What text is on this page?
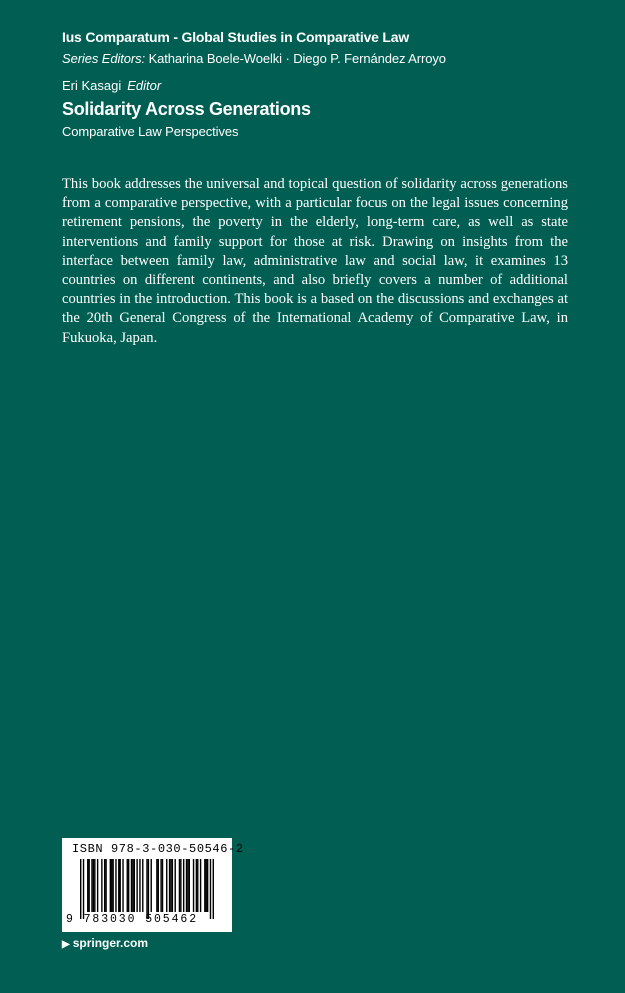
Ius Comparatum - Global Studies in Comparative Law
Series Editors: Katharina Boele-Woelki · Diego P. Fernández Arroyo
Eri Kasagi Editor
Solidarity Across Generations
Comparative Law Perspectives

This book addresses the universal and topical question of solidarity across generations from a comparative perspective, with a particular focus on the legal issues concerning retirement pensions, the poverty in the elderly, long-term care, as well as state interventions and family support for those at risk. Drawing on insights from the interface between family law, administrative law and social law, it examines 13 countries on different continents, and also briefly covers a number of additional countries in the introduction. This book is a based on the discussions and exchanges at the 20th General Congress of the International Academy of Comparative Law, in Fukuoka, Japan.

ISBN 978-3-030-50546-2
9 783030 505462
▶ springer.com
